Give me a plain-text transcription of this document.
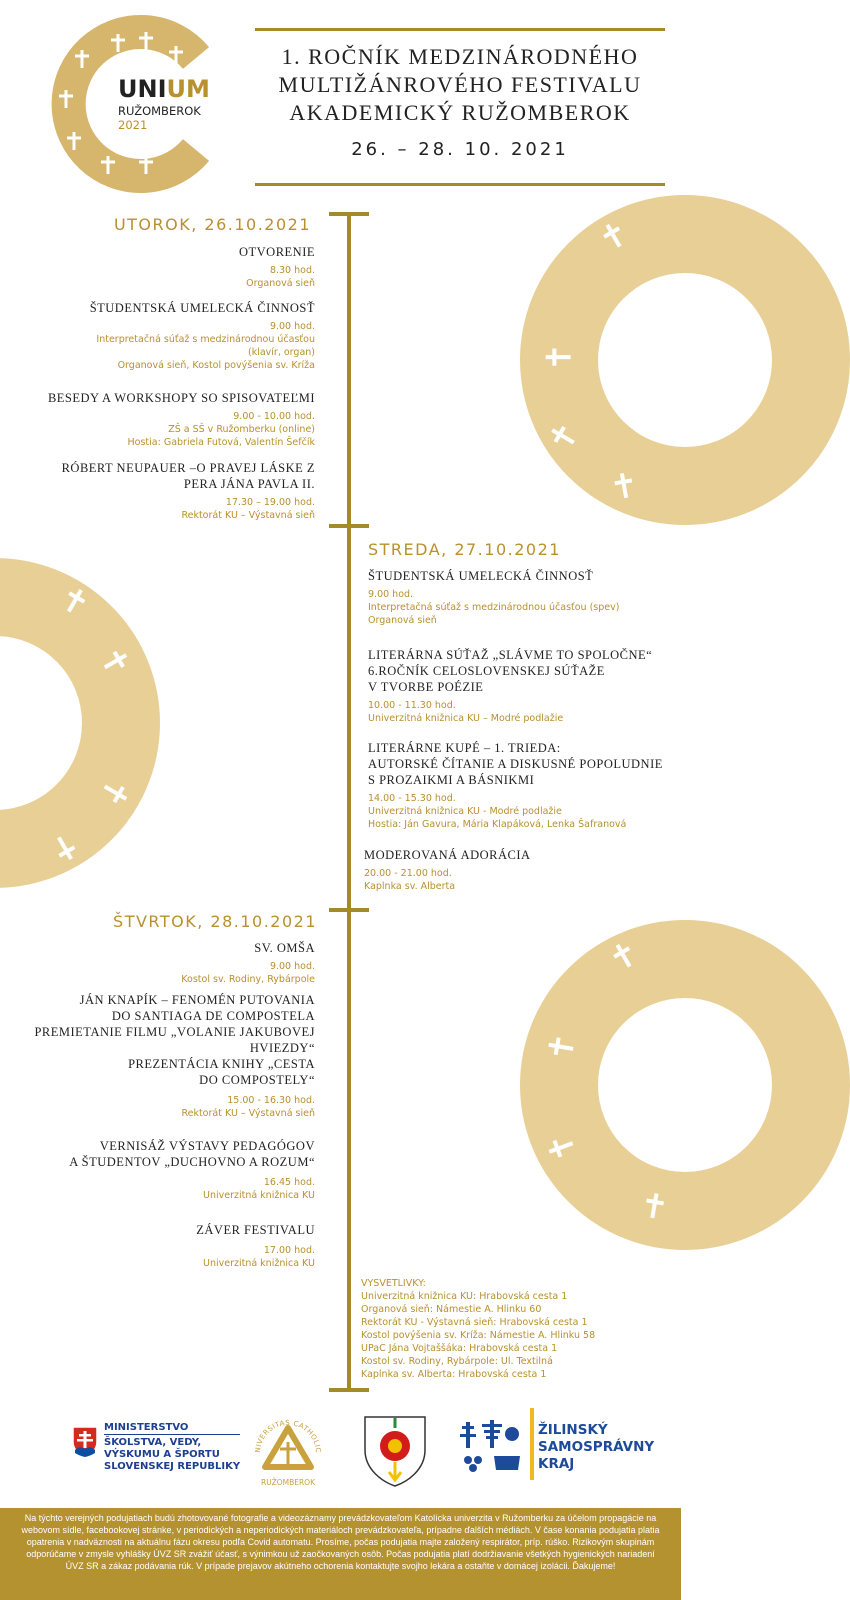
✝
✝
✝
✝
✝
✝
✝
✝
✝
✝
✝
✝
✝
UNIUM
RUŽOMBEROK
2021
1. ROČNÍK MEDZINÁRODNÉHO
MULTIŽÁNROVÉHO FESTIVALU
AKADEMICKÝ RUŽOMBEROK
26. – 28. 10. 2021
UTOROK, 26.10.2021
OTVORENIE
8.30 hod.
Organová sieň
ŠTUDENTSKÁ UMELECKÁ ČINNOSŤ
9.00 hod.
Interpretačná súťaž s medzinárodnou účasťou
(klavír, organ)
Organová sieň, Kostol povýšenia sv. Kríža
BESEDY A WORKSHOPY SO SPISOVATEĽMI
9.00 - 10.00 hod.
ZŠ a SŠ v Ružomberku (online)
Hostia: Gabriela Futová, Valentín Šefčík
RÓBERT NEUPAUER –O PRAVEJ LÁSKE Z
PERA JÁNA PAVLA II.
17.30 – 19.00 hod.
Rektorát KU – Výstavná sieň
STREDA, 27.10.2021
ŠTUDENTSKÁ UMELECKÁ ČINNOSŤ
9.00 hod.
Interpretačná súťaž s medzinárodnou účasťou (spev)
Organová sieň
LITERÁRNA SÚŤAŽ „SLÁVME TO SPOLOČNE“
6.ROČNÍK CELOSLOVENSKEJ SÚŤAŽE
V TVORBE POÉZIE
10.00 - 11.30 hod.
Univerzitná knižnica KU – Modré podlažie
LITERÁRNE KUPÉ – 1. TRIEDA:
AUTORSKÉ ČÍTANIE A DISKUSNÉ POPOLUDNIE
S PROZAIKMI A BÁSNIKMI
14.00 - 15.30 hod.
Univerzitná knižnica KU - Modré podlažie
Hostia: Ján Gavura, Mária Klapáková, Lenka Šafranová
MODEROVANÁ ADORÁCIA
20.00 - 21.00 hod.
Kaplnka sv. Alberta
ŠTVRTOK, 28.10.2021
SV. OMŠA
9.00 hod.
Kostol sv. Rodiny, Rybárpole
JÁN KNAPÍK – FENOMÉN PUTOVANIA
DO SANTIAGA DE COMPOSTELA
PREMIETANIE FILMU „VOLANIE JAKUBOVEJ
HVIEZDY“
PREZENTÁCIA KNIHY „CESTA
DO COMPOSTELY“
15.00 - 16.30 hod.
Rektorát KU – Výstavná sieň
VERNISÁŽ VÝSTAVY PEDAGÓGOV
A ŠTUDENTOV „DUCHOVNO A ROZUM“
16.45 hod.
Univerzitná knižnica KU
ZÁVER FESTIVALU
17.00 hod.
Univerzitná knižnica KU
VYSVETLIVKY:
Univerzitná knižnica KU: Hrabovská cesta 1
Organová sieň: Námestie A. Hlinku 60
Rektorát KU - Výstavná sieň: Hrabovská cesta 1
Kostol povýšenia sv. Kríža: Námestie A. Hlinku 58
UPaC Jána Vojtaššáka: Hrabovská cesta 1
Kostol sv. Rodiny, Rybárpole: Ul. Textilná
Kaplnka sv. Alberta: Hrabovská cesta 1
MINISTERSTVO
ŠKOLSTVA, VEDY,
VÝSKUMU A ŠPORTU
SLOVENSKEJ REPUBLIKY
NIVERSITAS CATHOLIC
RUŽOMBEROK
ŽILINSKÝ
SAMOSPRÁVNY
KRAJ
Na týchto verejných podujatiach budú zhotovované fotografie a videozáznamy prevádzkovateľom Katolícka univerzita v Ružomberku za účelom propagácie na webovom sídle, facebookovej stránke, v periodických a neperiodických materiáloch prevádzkovateľa, prípadne ďalších médiách. V čase konania podujatia platia opatrenia v nadväznosti na aktuálnu fázu okresu podľa Covid automatu. Prosíme, počas podujatia majte založený respirátor, príp. rúško. Rizikovým skupinám odporúčame v zmysle vyhlášky ÚVZ SR zvážiť účasť, s výnimkou už zaočkovaných osôb. Počas podujatia platí dodržiavanie všetkých hygienických nariadení ÚVZ SR a zákaz podávania rúk. V prípade prejavov akútneho ochorenia kontaktujte svojho lekára a ostaňte v domácej izolácii. Ďakujeme!
